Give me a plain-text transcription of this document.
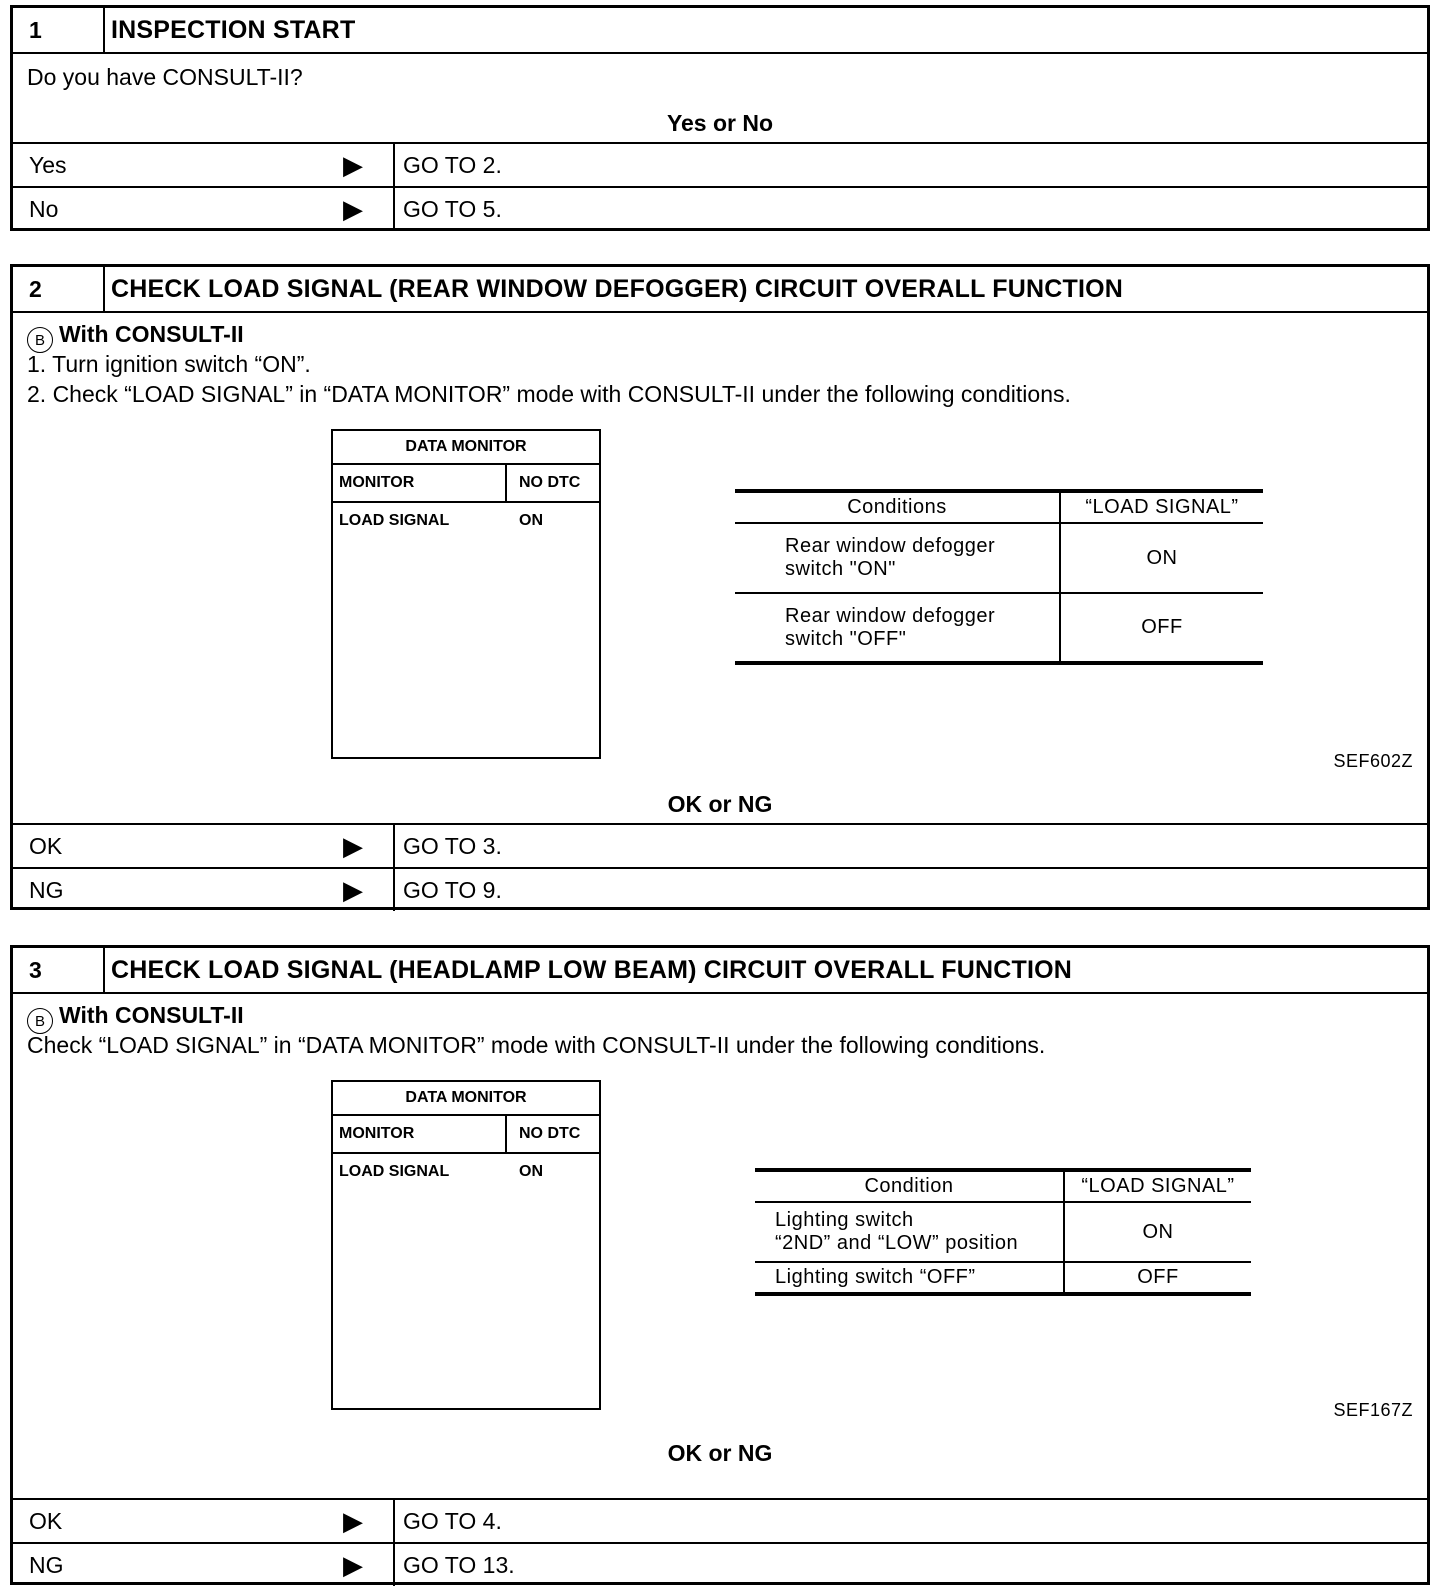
1	INSPECTION START
Do you have CONSULT-II?
Yes or No
Yes	▶	GO TO 2.
No	▶	GO TO 5.
2	CHECK LOAD SIGNAL (REAR WINDOW DEFOGGER) CIRCUIT OVERALL FUNCTION
B With CONSULT-II
1. Turn ignition switch “ON”.
2. Check “LOAD SIGNAL” in “DATA MONITOR” mode with CONSULT-II under the following conditions.
DATA MONITOR
MONITOR	NO DTC
LOAD SIGNAL	ON
Conditions	“LOAD SIGNAL”
Rear window defogger
switch "ON"	ON
Rear window defogger
switch "OFF"	OFF
SEF602Z
OK or NG
OK	▶	GO TO 3.
NG	▶	GO TO 9.
3	CHECK LOAD SIGNAL (HEADLAMP LOW BEAM) CIRCUIT OVERALL FUNCTION
B With CONSULT-II
Check “LOAD SIGNAL” in “DATA MONITOR” mode with CONSULT-II under the following conditions.
DATA MONITOR
MONITOR	NO DTC
LOAD SIGNAL	ON
Condition	“LOAD SIGNAL”
Lighting switch
“2ND” and “LOW” position	ON
Lighting switch “OFF”	OFF
SEF167Z
OK or NG
OK	▶	GO TO 4.
NG	▶	GO TO 13.
